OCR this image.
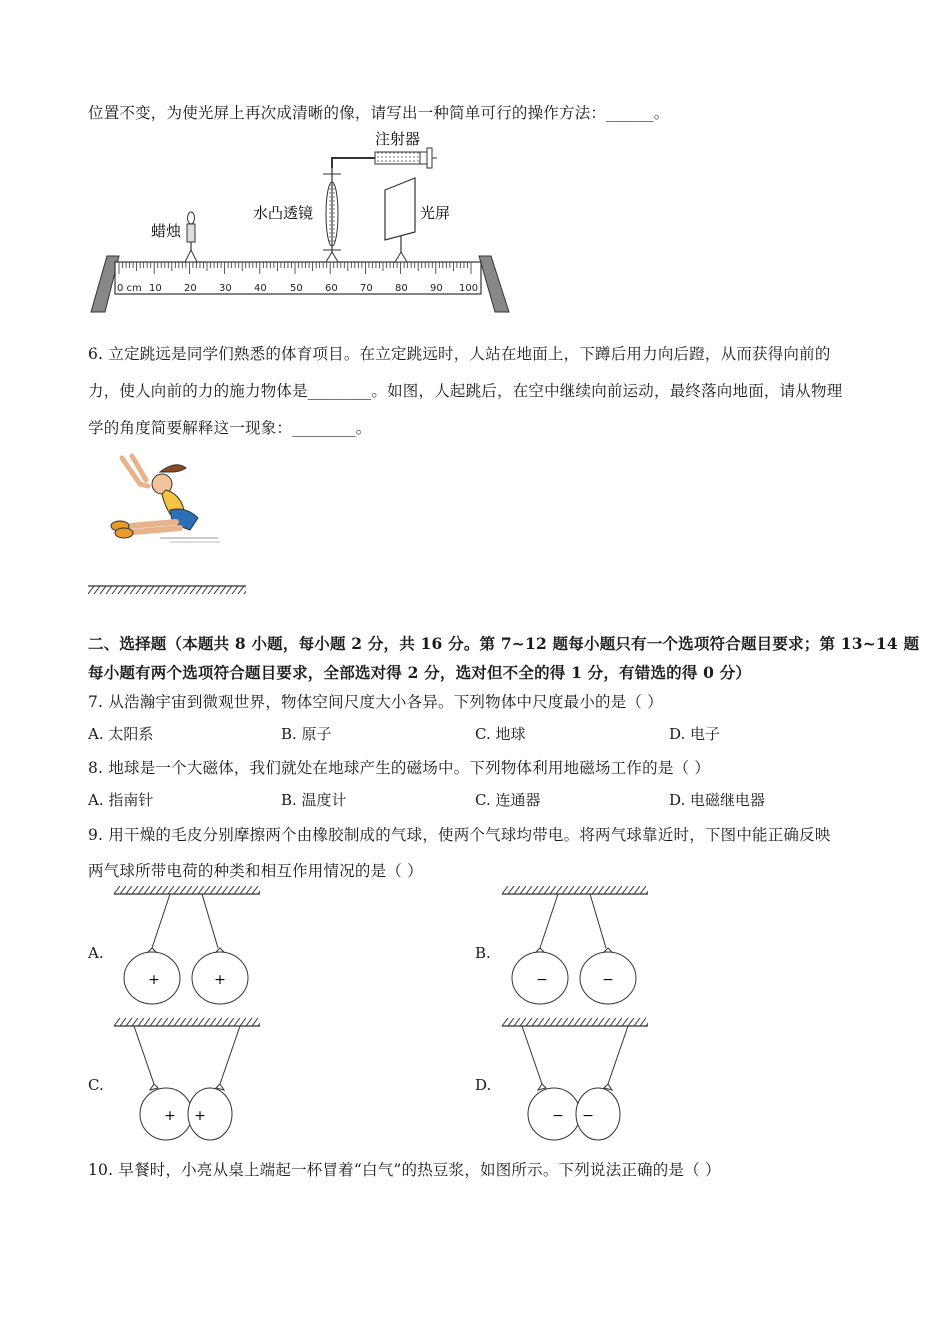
位置不变，为使光屏上再次成清晰的像，请写出一种简单可行的操作方法：______。
0 cm 10 20 30 40 50 60 70 80 90 100
蜡烛
水凸透镜
注射器
光屏
6. 立定跳远是同学们熟悉的体育项目。在立定跳远时，人站在地面上，下蹲后用力向后蹬，从而获得向前的
力，使人向前的力的施力物体是________。如图，人起跳后，在空中继续向前运动，最终落向地面，请从物理
学的角度简要解释这一现象：________。
二、选择题（本题共 8 小题，每小题 2 分，共 16 分。第 7~12 题每小题只有一个选项符合题目要求；第 13~14 题
每小题有两个选项符合题目要求，全部选对得 2 分，选对但不全的得 1 分，有错选的得 0 分）
7. 从浩瀚宇宙到微观世界，物体空间尺度大小各异。下列物体中尺度最小的是（ ）
A. 太阳系	B. 原子	C. 地球	D. 电子
8. 地球是一个大磁体，我们就处在地球产生的磁场中。下列物体利用地磁场工作的是（ ）
A. 指南针	B. 温度计	C. 连通器	D. 电磁继电器
9. 用干燥的毛皮分别摩擦两个由橡胶制成的气球，使两个气球均带电。将两气球靠近时，下图中能正确反映
两气球所带电荷的种类和相互作用情况的是（ ）
A.
+	+
B.
−	−
C.
+ +
D.
− −
10. 早餐时，小亮从桌上端起一杯冒着“白气”的热豆浆，如图所示。下列说法正确的是（ ）
